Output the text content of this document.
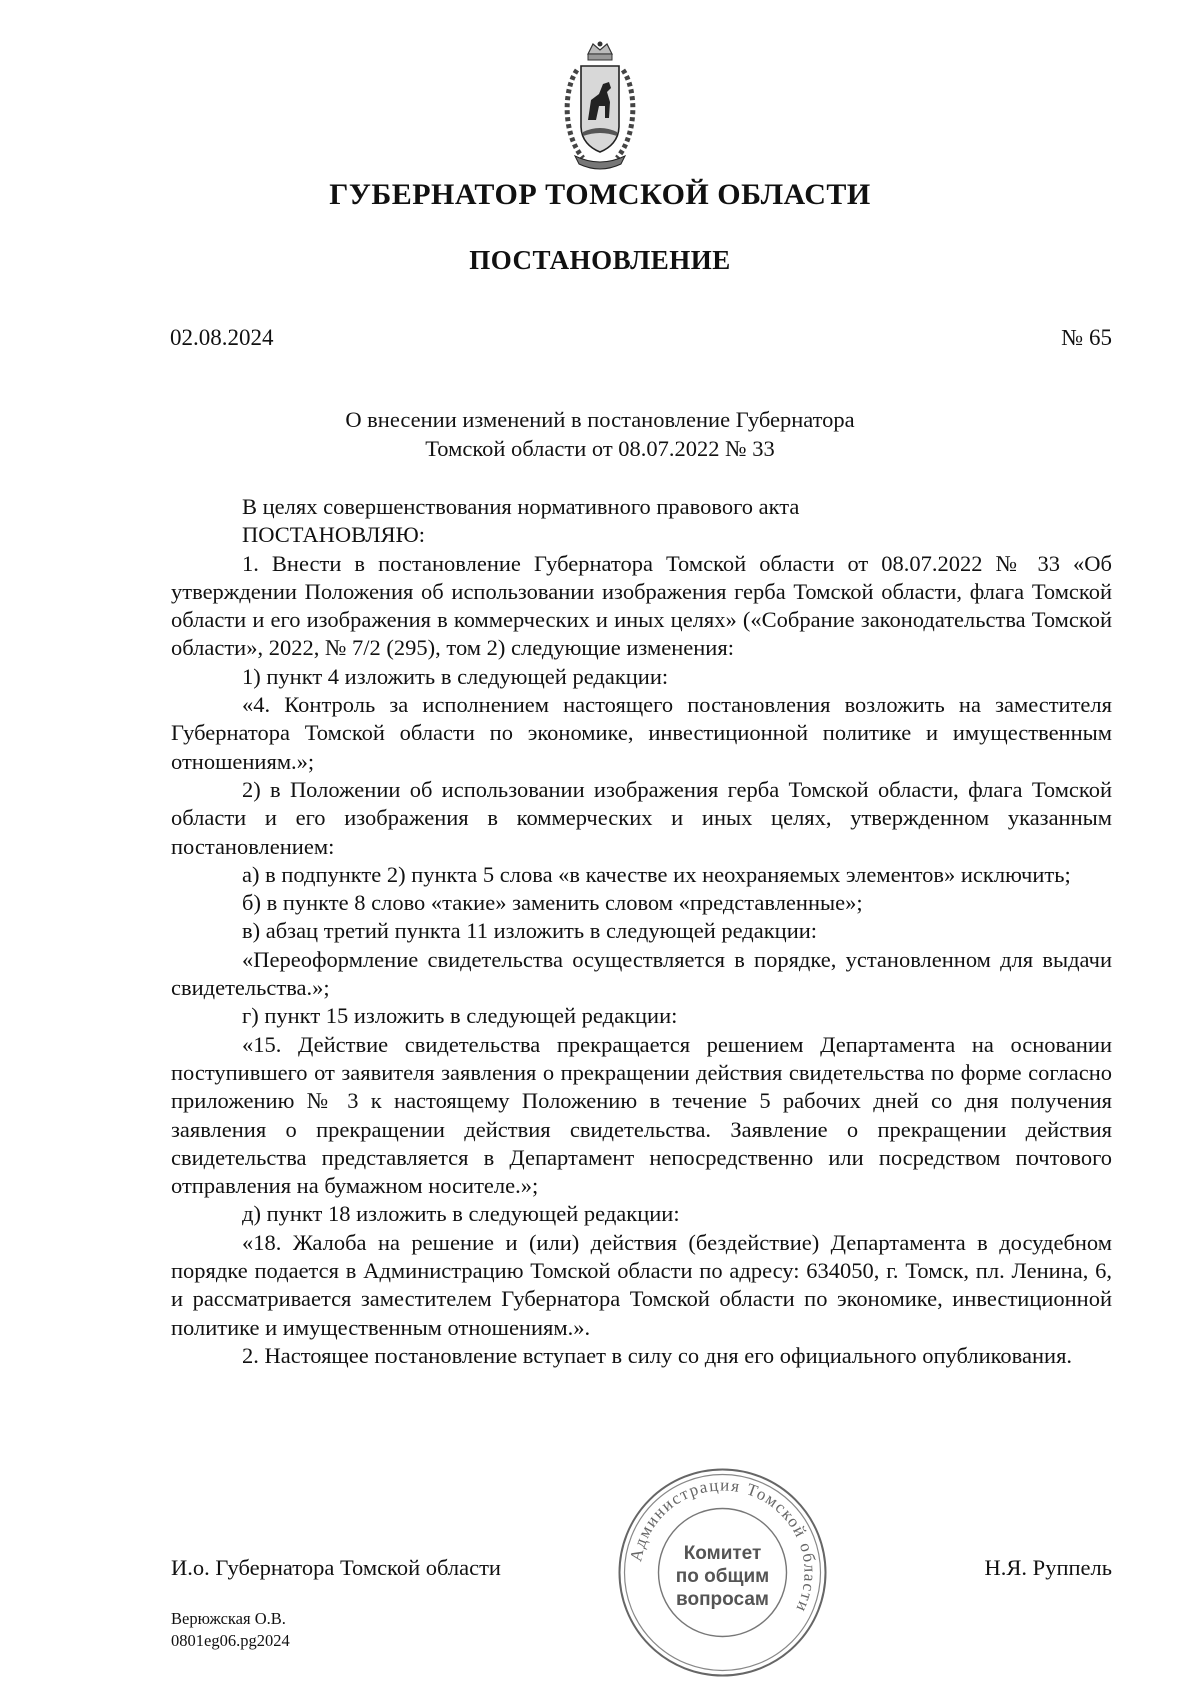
ГУБЕРНАТОР ТОМСКОЙ ОБЛАСТИ
ПОСТАНОВЛЕНИЕ
02.08.2024	№ 65
О внесении изменений в постановление Губернатора
Томской области от 08.07.2022 № 33

В целях совершенствования нормативного правового акта

ПОСТАНОВЛЯЮ:

1. Внести в постановление Губернатора Томской области от 08.07.2022 № 33 «Об утверждении Положения об использовании изображения герба Томской области, флага Томской области и его изображения в коммерческих и иных целях» («Собрание законодательства Томской области», 2022, № 7/2 (295), том 2) следующие изменения:

1) пункт 4 изложить в следующей редакции:

«4. Контроль за исполнением настоящего постановления возложить на заместителя Губернатора Томской области по экономике, инвестиционной политике и имущественным отношениям.»;

2) в Положении об использовании изображения герба Томской области, флага Томской области и его изображения в коммерческих и иных целях, утвержденном указанным постановлением:

а) в подпункте 2) пункта 5 слова «в качестве их неохраняемых элементов» исключить;

б) в пункте 8 слово «такие» заменить словом «представленные»;

в) абзац третий пункта 11 изложить в следующей редакции:

«Переоформление свидетельства осуществляется в порядке, установленном для выдачи свидетельства.»;

г) пункт 15 изложить в следующей редакции:

«15. Действие свидетельства прекращается решением Департамента на основании поступившего от заявителя заявления о прекращении действия свидетельства по форме согласно приложению № 3 к настоящему Положению в течение 5 рабочих дней со дня получения заявления о прекращении действия свидетельства. Заявление о прекращении действия свидетельства представляется в Департамент непосредственно или посредством почтового отправления на бумажном носителе.»;

д) пункт 18 изложить в следующей редакции:

«18. Жалоба на решение и (или) действия (бездействие) Департамента в досудебном порядке подается в Администрацию Томской области по адресу: 634050, г. Томск, пл. Ленина, 6, и рассматривается заместителем Губернатора Томской области по экономике, инвестиционной политике и имущественным отношениям.».

2. Настоящее постановление вступает в силу со дня его официального опубликования.

Администрация Томской области
Комитет
по общим
вопросам
И.о. Губернатора Томской области	Н.Я. Руппель
Верюжская О.В.
0801eg06.pg2024
